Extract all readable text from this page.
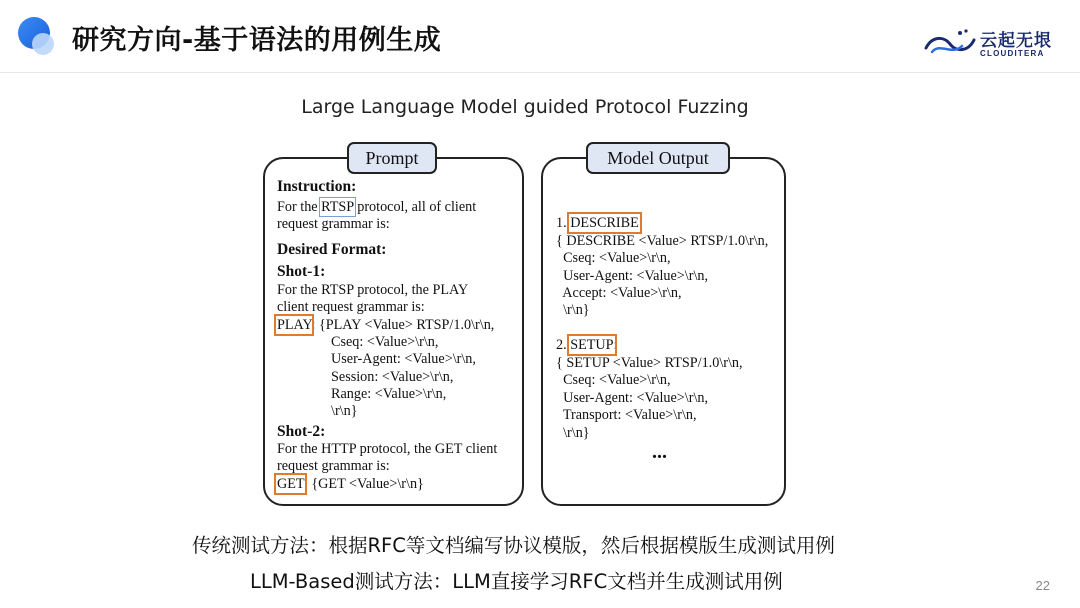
研究方向-基于语法的用例生成	云起无垠
CLOUDITERA
Large Language Model guided Protocol Fuzzing
Prompt
Instruction:
For the RTSP protocol, all of client
request grammar is:
Desired Format:
Shot-1:
For the RTSP protocol, the PLAY
client request grammar is:
PLAY: {PLAY <Value> RTSP/1.0\r\n,
Cseq: <Value>\r\n,
User-Agent: <Value>\r\n,
Session: <Value>\r\n,
Range: <Value>\r\n,
\r\n}
Shot-2:
For the HTTP protocol, the GET client
request grammar is:
GET: {GET <Value>\r\n}
Model Output
1. DESCRIBE:
{ DESCRIBE <Value> RTSP/1.0\r\n,
Cseq: <Value>\r\n,
User-Agent: <Value>\r\n,
Accept: <Value>\r\n,
\r\n}
2. SETUP:
{ SETUP <Value> RTSP/1.0\r\n,
Cseq: <Value>\r\n,
User-Agent: <Value>\r\n,
Transport: <Value>\r\n,
\r\n}
...
传统测试方法：根据RFC等文档编写协议模版，然后根据模版生成测试用例
LLM-Based测试方法：LLM直接学习RFC文档并生成测试用例	22
